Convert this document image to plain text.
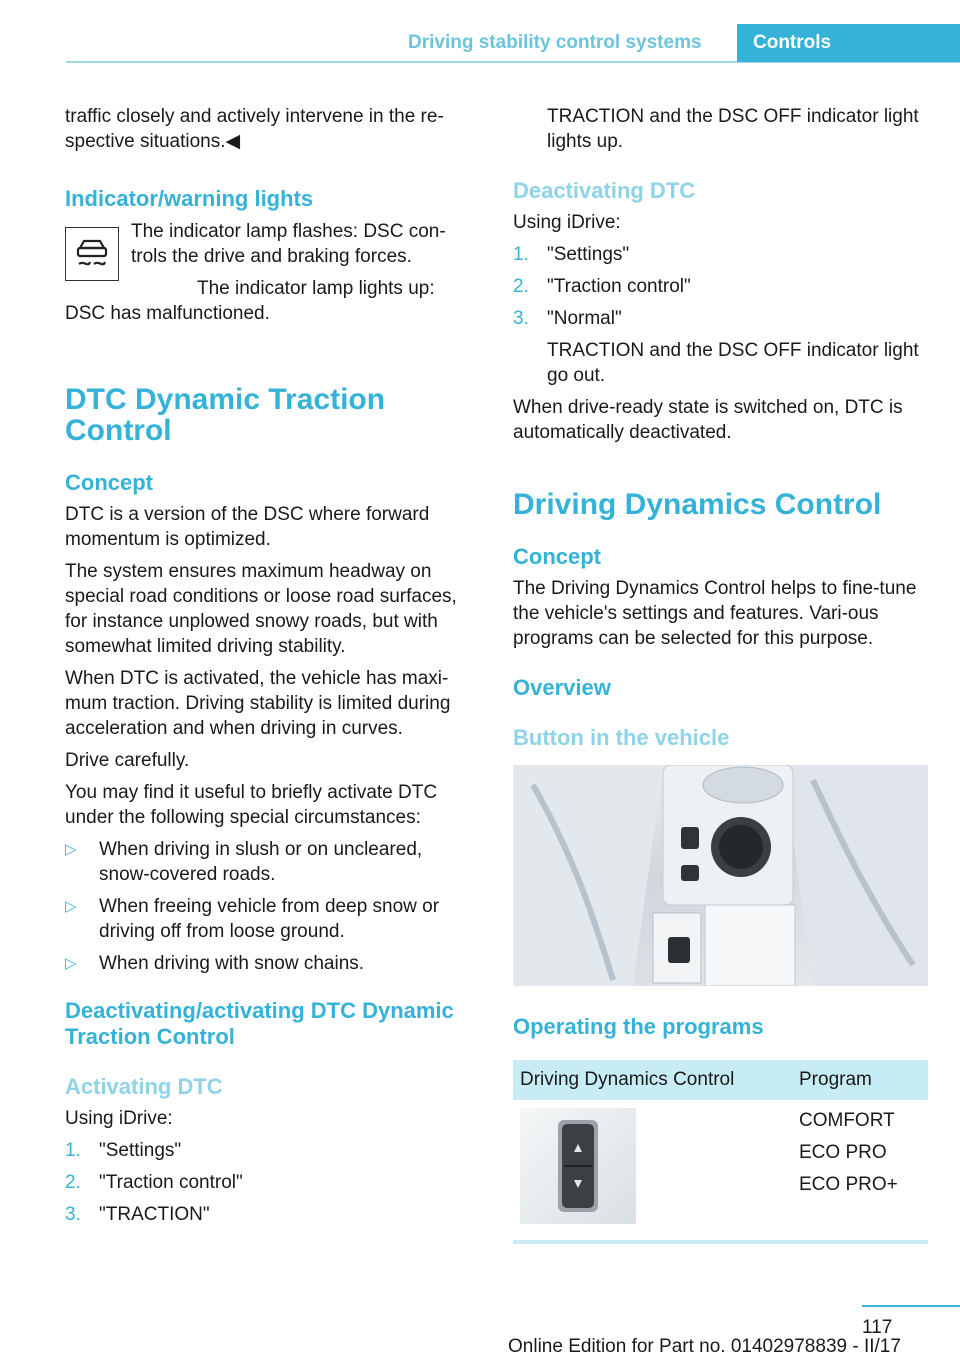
Driving stability control systems	Controls

traffic closely and actively intervene in the re‐spective situations.◀

Indicator/warning lights

The indicator lamp flashes: DSC con‐trols the drive and braking forces.

The indicator lamp lights up: DSC has malfunctioned.

DTC Dynamic Traction Control
Concept

DTC is a version of the DSC where forward momentum is optimized.

The system ensures maximum headway on special road conditions or loose road surfaces, for instance unplowed snowy roads, but with somewhat limited driving stability.

When DTC is activated, the vehicle has maxi‐mum traction. Driving stability is limited during acceleration and when driving in curves.

Drive carefully.

You may find it useful to briefly activate DTC under the following special circumstances:

▷	When driving in slush or on uncleared, snow-covered roads.
▷	When freeing vehicle from deep snow or driving off from loose ground.
▷	When driving with snow chains.
Deactivating/activating DTC Dynamic Traction Control
Activating DTC

Using iDrive:

1. "Settings"
2. "Traction control"
3. "TRACTION"

TRACTION and the DSC OFF indicator light lights up.

Deactivating DTC

Using iDrive:

1. "Settings"
2. "Traction control"
3. "Normal"

TRACTION and the DSC OFF indicator light go out.

When drive-ready state is switched on, DTC is automatically deactivated.

Driving Dynamics Control
Concept

The Driving Dynamics Control helps to fine‐tune the vehicle's settings and features. Vari‐ous programs can be selected for this purpose.

Overview
Button in the vehicle
Operating the programs
Driving Dynamics Control	Program

COMFORT
ECO PRO
ECO PRO+
117
Online Edition for Part no. 01402978839 - II/17
